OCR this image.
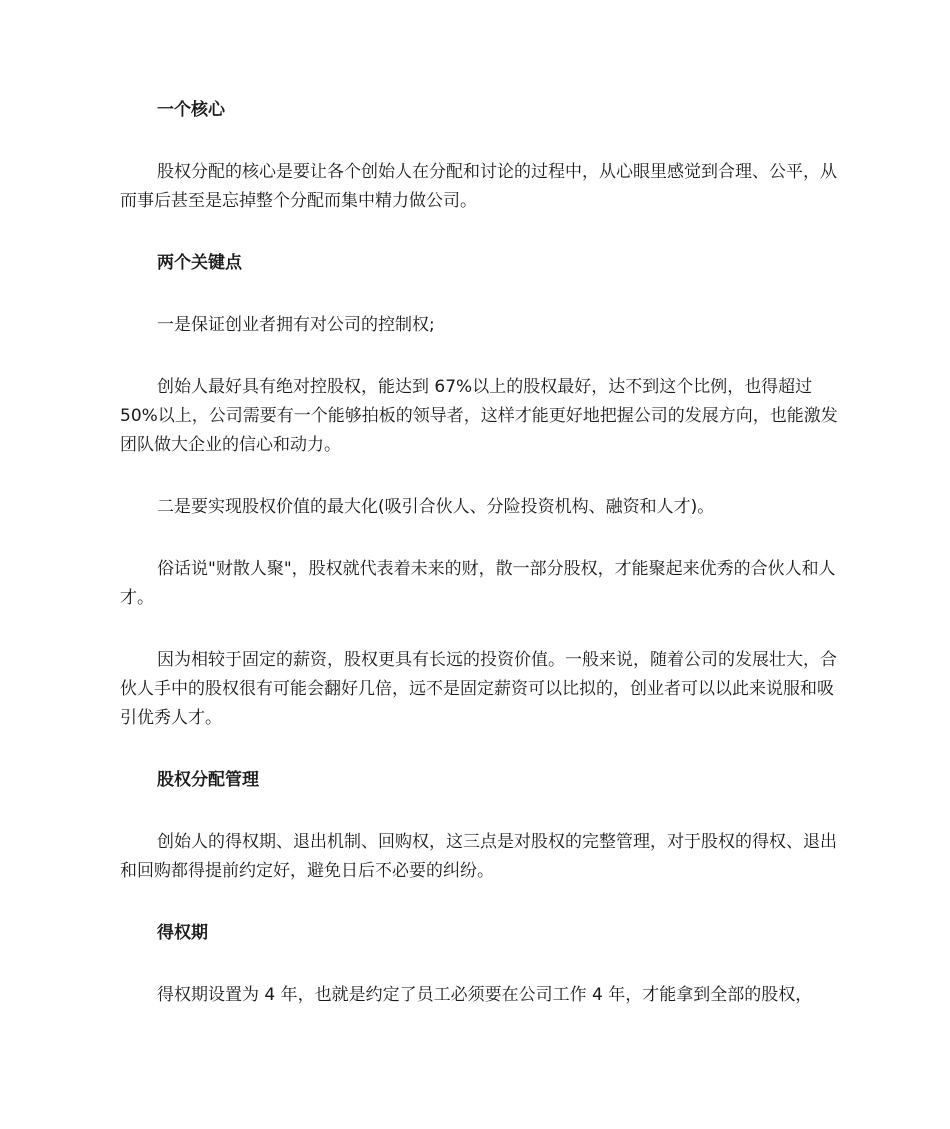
一个核心
股权分配的核心是要让各个创始人在分配和讨论的过程中，从心眼里感觉到合理、公平，从而事后甚至是忘掉整个分配而集中精力做公司。
两个关键点
一是保证创业者拥有对公司的控制权;
创始人最好具有绝对控股权，能达到 67%以上的股权最好，达不到这个比例，也得超过 50%以上，公司需要有一个能够拍板的领导者，这样才能更好地把握公司的发展方向，也能激发团队做大企业的信心和动力。
二是要实现股权价值的最大化(吸引合伙人、分险投资机构、融资和人才)。
俗话说"财散人聚"，股权就代表着未来的财，散一部分股权，才能聚起来优秀的合伙人和人才。
因为相较于固定的薪资，股权更具有长远的投资价值。一般来说，随着公司的发展壮大，合伙人手中的股权很有可能会翻好几倍，远不是固定薪资可以比拟的，创业者可以以此来说服和吸引优秀人才。
股权分配管理
创始人的得权期、退出机制、回购权，这三点是对股权的完整管理，对于股权的得权、退出和回购都得提前约定好，避免日后不必要的纠纷。
得权期
得权期设置为 4 年，也就是约定了员工必须要在公司工作 4 年，才能拿到全部的股权，
